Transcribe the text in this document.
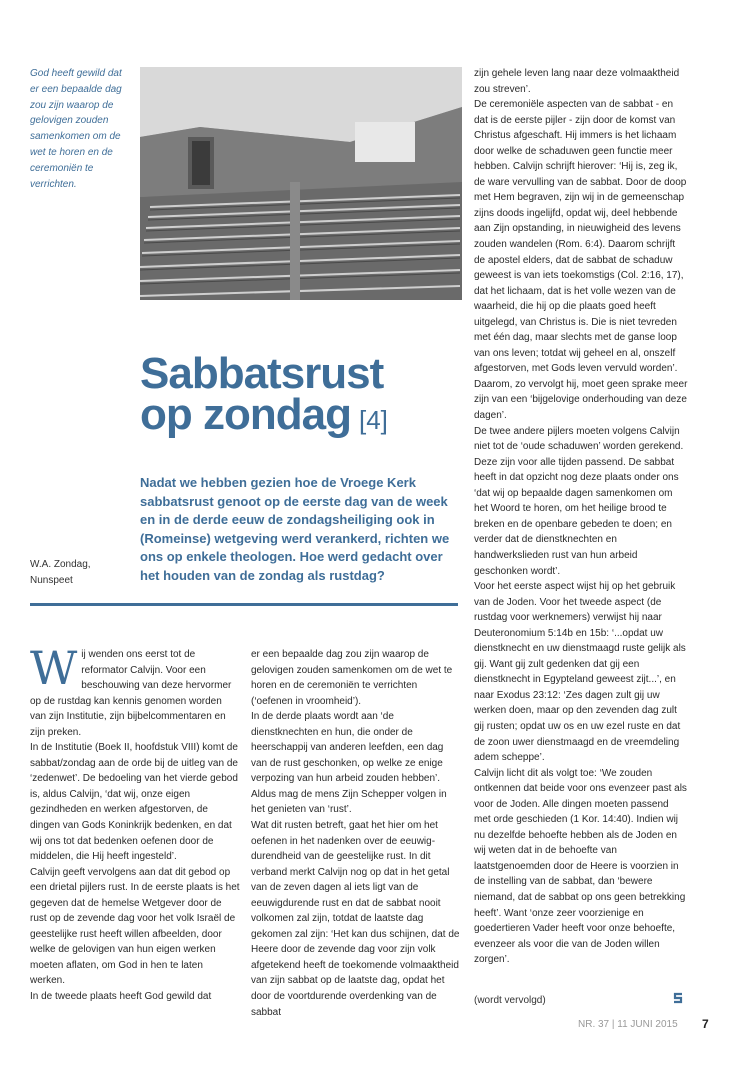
God heeft gewild dat er een bepaalde dag zou zijn waarop de gelovigen zouden samenkomen om de wet te horen en de ceremoniën te verrichten.
Sabbatsrust
op zondag [4]
Nadat we hebben gezien hoe de Vroege Kerk sabbatsrust genoot op de eerste dag van de week en in de derde eeuw de zondagsheiliging ook in (Romeinse) wetgeving werd verankerd, richten we ons op enkele theologen. Hoe werd gedacht over het houden van de zondag als rustdag?
W.A. Zondag,
Nunspeet

Wij wenden ons eerst tot de reformator Calvijn. Voor een beschouwing van deze hervormer op de rustdag kan kennis genomen worden van zijn Institutie, zijn bijbelcommentaren en zijn preken.

In de Institutie (Boek II, hoofdstuk VIII) komt de sabbat/zondag aan de orde bij de uitleg van de ‘zedenwet’. De bedoeling van het vierde gebod is, aldus Calvijn, ‘dat wij, onze eigen gezindheden en werken afgestorven, de dingen van Gods Koninkrijk bedenken, en dat wij ons tot dat bedenken oefenen door de middelen, die Hij heeft ingesteld’.

Calvijn geeft vervolgens aan dat dit gebod op een drietal pijlers rust. In de eerste plaats is het gegeven dat de hemelse Wetgever door de rust op de zevende dag voor het volk Israël de geestelijke rust heeft willen afbeelden, door welke de gelovigen van hun eigen werken moeten aflaten, om God in hen te laten werken.

In de tweede plaats heeft God gewild dat

er een bepaalde dag zou zijn waarop de gelovigen zouden samenkomen om de wet te horen en de ceremoniën te verrichten (‘oefenen in vroomheid’).

In de derde plaats wordt aan ‘de dienstknechten en hun, die onder de heerschappij van anderen leefden, een dag van de rust geschonken, op welke ze enige verpozing van hun arbeid zouden hebben’. Aldus mag de mens Zijn Schepper volgen in het genieten van ‘rust’.

Wat dit rusten betreft, gaat het hier om het oefenen in het nadenken over de eeuwig-durendheid van de geestelijke rust. In dit verband merkt Calvijn nog op dat in het getal van de zeven dagen al iets ligt van de eeuwigdurende rust en dat de sabbat nooit volkomen zal zijn, totdat de laatste dag gekomen zal zijn: ‘Het kan dus schijnen, dat de Heere door de zevende dag voor zijn volk afgetekend heeft de toekomende volmaaktheid van zijn sabbat op de laatste dag, opdat het door de voortdurende overdenking van de sabbat

zijn gehele leven lang naar deze volmaaktheid zou streven’.

De ceremoniële aspecten van de sabbat - en dat is de eerste pijler - zijn door de komst van Christus afgeschaft. Hij immers is het lichaam door welke de schaduwen geen functie meer hebben. Calvijn schrijft hierover: ‘Hij is, zeg ik, de ware vervulling van de sabbat. Door de doop met Hem begraven, zijn wij in de gemeenschap zijns doods ingelijfd, opdat wij, deel hebbende aan Zijn opstanding, in nieuwigheid des levens zouden wandelen (Rom. 6:4). Daarom schrijft de apostel elders, dat de sabbat de schaduw geweest is van iets toekomstigs (Col. 2:16, 17), dat het lichaam, dat is het volle wezen van de waarheid, die hij op die plaats goed heeft uitgelegd, van Christus is. Die is niet tevreden met één dag, maar slechts met de ganse loop van ons leven; totdat wij geheel en al, onszelf afgestorven, met Gods leven vervuld worden’. Daarom, zo vervolgt hij, moet geen sprake meer zijn van een ‘bijgelovige onderhouding van deze dagen’.

De twee andere pijlers moeten volgens Calvijn niet tot de ‘oude schaduwen’ worden gerekend. Deze zijn voor alle tijden passend. De sabbat heeft in dat opzicht nog deze plaats onder ons ‘dat wij op bepaalde dagen samenkomen om het Woord te horen, om het heilige brood te breken en de openbare gebeden te doen; en verder dat de dienstknechten en handwerkslieden rust van hun arbeid geschonken wordt’.

Voor het eerste aspect wijst hij op het gebruik van de Joden. Voor het tweede aspect (de rustdag voor werknemers) verwijst hij naar Deuteronomium 5:14b en 15b: ‘...opdat uw dienstknecht en uw dienstmaagd ruste gelijk als gij. Want gij zult gedenken dat gij een dienstknecht in Egypteland geweest zijt...’, en naar Exodus 23:12: ‘Zes dagen zult gij uw werken doen, maar op den zevenden dag zult gij rusten; opdat uw os en uw ezel ruste en dat de zoon uwer dienstmaagd en de vreemdeling adem scheppe’.

Calvijn licht dit als volgt toe: ‘We zouden ontkennen dat beide voor ons evenzeer past als voor de Joden. Alle dingen moeten passend met orde geschieden (1 Kor. 14:40). Indien wij nu dezelfde behoefte hebben als de Joden en wij weten dat in de behoefte van laatstgenoemden door de Heere is voorzien in de instelling van de sabbat, dan ‘bewere niemand, dat de sabbat op ons geen betrekking heeft’. Want ‘onze zeer voorzienige en goedertieren Vader heeft voor onze behoefte, evenzeer als voor die van de Joden willen zorgen’.

(wordt vervolgd)
NR. 37 | 11 JUNI 2015 7
